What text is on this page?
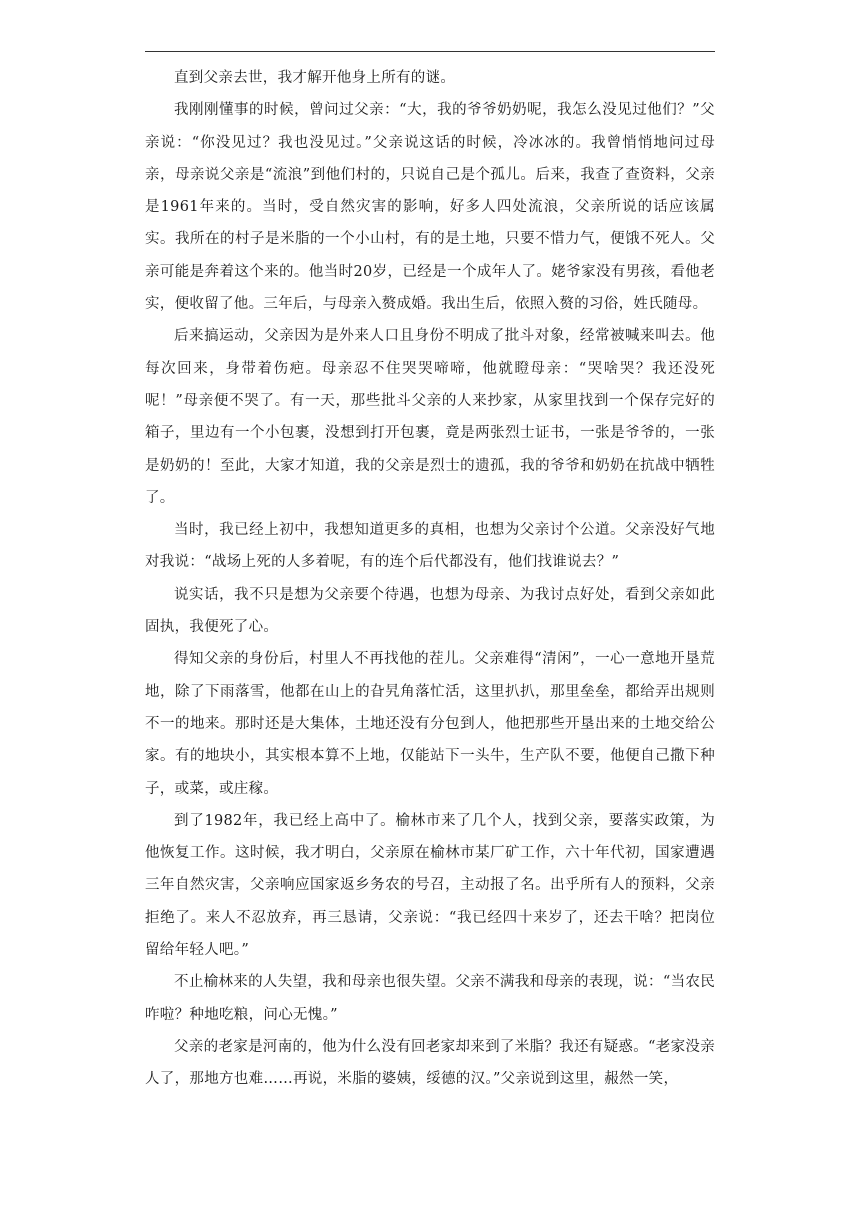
直到父亲去世，我才解开他身上所有的谜。

我刚刚懂事的时候，曾问过父亲：“大，我的爷爷奶奶呢，我怎么没见过他们？”父亲说：“你没见过？我也没见过。”父亲说这话的时候，冷冰冰的。我曾悄悄地问过母亲，母亲说父亲是“流浪”到他们村的，只说自己是个孤儿。后来，我查了查资料，父亲是1961年来的。当时，受自然灾害的影响，好多人四处流浪，父亲所说的话应该属实。我所在的村子是米脂的一个小山村，有的是土地，只要不惜力气，便饿不死人。父亲可能是奔着这个来的。他当时20岁，已经是一个成年人了。姥爷家没有男孩，看他老实，便收留了他。三年后，与母亲入赘成婚。我出生后，依照入赘的习俗，姓氏随母。

后来搞运动，父亲因为是外来人口且身份不明成了批斗对象，经常被喊来叫去。他每次回来，身带着伤疤。母亲忍不住哭哭啼啼，他就瞪母亲：“哭啥哭？我还没死呢！”母亲便不哭了。有一天，那些批斗父亲的人来抄家，从家里找到一个保存完好的箱子，里边有一个小包裹，没想到打开包裹，竟是两张烈士证书，一张是爷爷的，一张是奶奶的！至此，大家才知道，我的父亲是烈士的遗孤，我的爷爷和奶奶在抗战中牺牲了。

当时，我已经上初中，我想知道更多的真相，也想为父亲讨个公道。父亲没好气地对我说：“战场上死的人多着呢，有的连个后代都没有，他们找谁说去？”

说实话，我不只是想为父亲要个待遇，也想为母亲、为我讨点好处，看到父亲如此固执，我便死了心。

得知父亲的身份后，村里人不再找他的茬儿。父亲难得“清闲”，一心一意地开垦荒地，除了下雨落雪，他都在山上的旮旯角落忙活，这里扒扒，那里垒垒，都给弄出规则不一的地来。那时还是大集体，土地还没有分包到人，他把那些开垦出来的土地交给公家。有的地块小，其实根本算不上地，仅能站下一头牛，生产队不要，他便自己撒下种子，或菜，或庄稼。

到了1982年，我已经上高中了。榆林市来了几个人，找到父亲，要落实政策，为他恢复工作。这时候，我才明白，父亲原在榆林市某厂矿工作，六十年代初，国家遭遇三年自然灾害，父亲响应国家返乡务农的号召，主动报了名。出乎所有人的预料，父亲拒绝了。来人不忍放弃，再三恳请，父亲说：“我已经四十来岁了，还去干啥？把岗位留给年轻人吧。”

不止榆林来的人失望，我和母亲也很失望。父亲不满我和母亲的表现，说：“当农民咋啦？种地吃粮，问心无愧。”

父亲的老家是河南的，他为什么没有回老家却来到了米脂？我还有疑惑。“老家没亲人了，那地方也难……再说，米脂的婆姨，绥德的汉。”父亲说到这里，赧然一笑，
